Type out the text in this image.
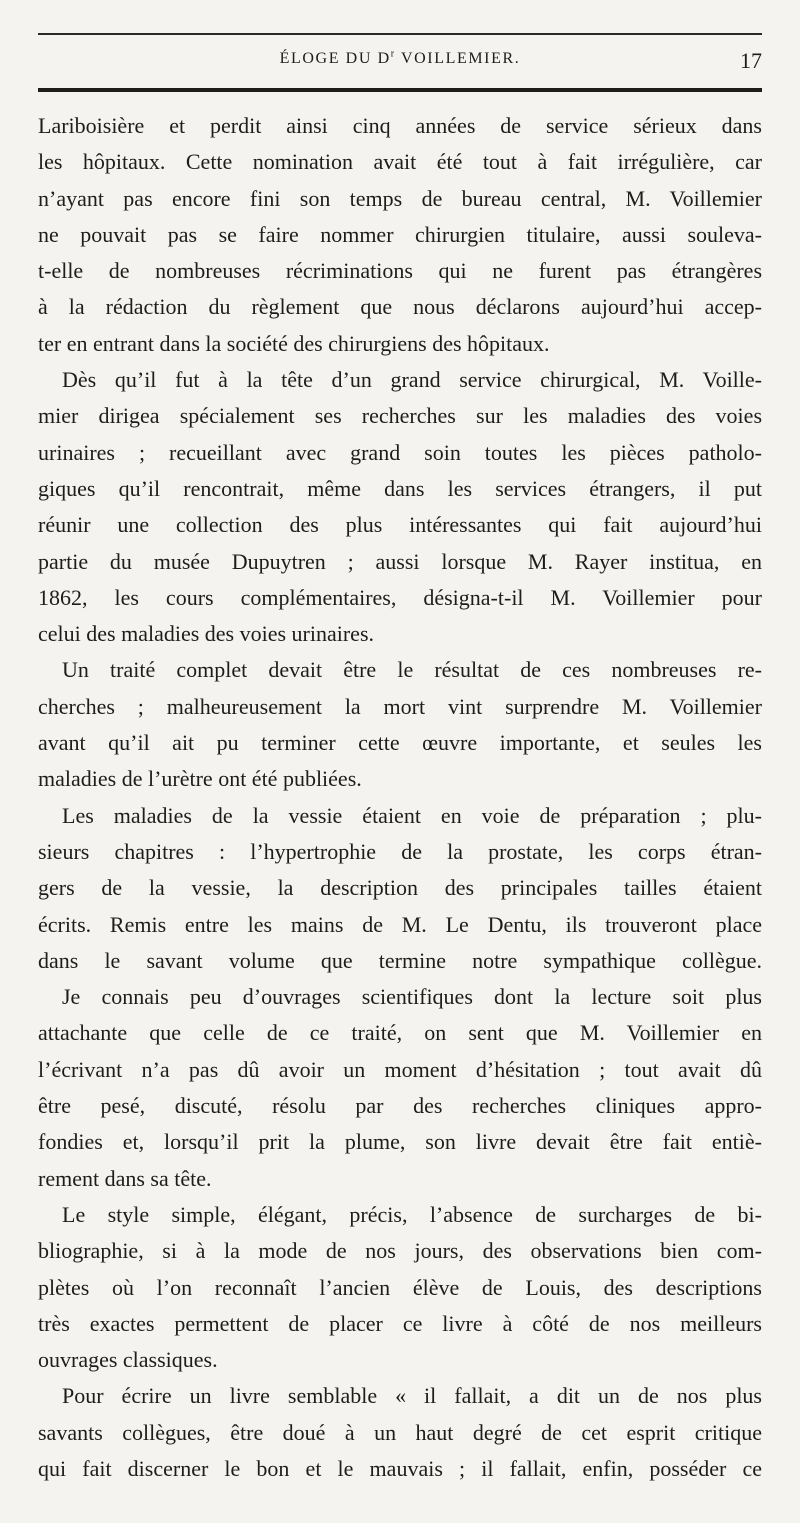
ÉLOGE DU $D^r$ VOILLEMIER.	17
Lariboisière et perdit ainsi cinq années de service sérieux dans
les hôpitaux. Cette nomination avait été tout à fait irrégulière, car
n’ayant pas encore fini son temps de bureau central, M. Voillemier
ne pouvait pas se faire nommer chirurgien titulaire, aussi souleva-
t-elle de nombreuses récriminations qui ne furent pas étrangères
à la rédaction du règlement que nous déclarons aujourd’hui accep-
ter en entrant dans la société des chirurgiens des hôpitaux.
Dès qu’il fut à la tête d’un grand service chirurgical, M. Voille-
mier dirigea spécialement ses recherches sur les maladies des voies
urinaires ; recueillant avec grand soin toutes les pièces patholo-
giques qu’il rencontrait, même dans les services étrangers, il put
réunir une collection des plus intéressantes qui fait aujourd’hui
partie du musée Dupuytren ; aussi lorsque M. Rayer institua, en
1862, les cours complémentaires, désigna-t-il M. Voillemier pour
celui des maladies des voies urinaires.
Un traité complet devait être le résultat de ces nombreuses re-
cherches ; malheureusement la mort vint surprendre M. Voillemier
avant qu’il ait pu terminer cette œuvre importante, et seules les
maladies de l’urètre ont été publiées.
Les maladies de la vessie étaient en voie de préparation ; plu-
sieurs chapitres : l’hypertrophie de la prostate, les corps étran-
gers de la vessie, la description des principales tailles étaient
écrits. Remis entre les mains de M. Le Dentu, ils trouveront place
dans le savant volume que termine notre sympathique collègue.
Je connais peu d’ouvrages scientifiques dont la lecture soit plus
attachante que celle de ce traité, on sent que M. Voillemier en
l’écrivant n’a pas dû avoir un moment d’hésitation ; tout avait dû
être pesé, discuté, résolu par des recherches cliniques appro-
fondies et, lorsqu’il prit la plume, son livre devait être fait entiè-
rement dans sa tête.
Le style simple, élégant, précis, l’absence de surcharges de bi-
bliographie, si à la mode de nos jours, des observations bien com-
plètes où l’on reconnaît l’ancien élève de Louis, des descriptions
très exactes permettent de placer ce livre à côté de nos meilleurs
ouvrages classiques.
Pour écrire un livre semblable « il fallait, a dit un de nos plus
savants collègues, être doué à un haut degré de cet esprit critique
qui fait discerner le bon et le mauvais ; il fallait, enfin, posséder ce
